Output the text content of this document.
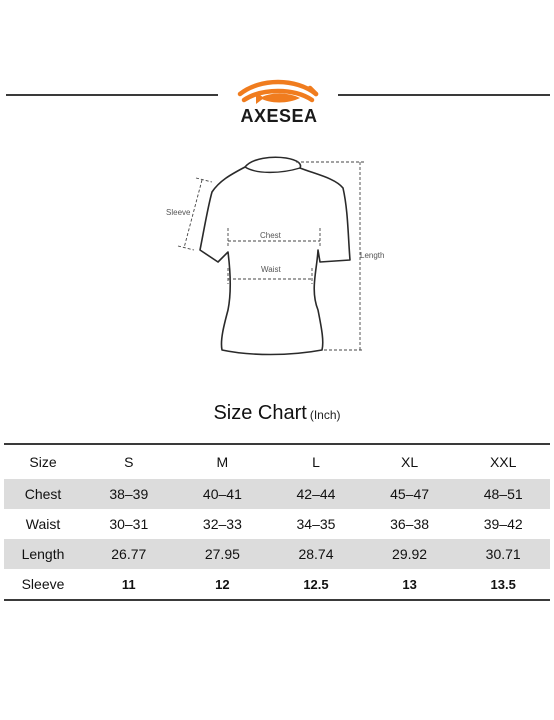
AXESEA
Sleeve
Chest
Waist
Length
Size Chart (Inch)
Size	S	M	L	XL	XXL
Chest	38–39	40–41	42–44	45–47	48–51
Waist	30–31	32–33	34–35	36–38	39–42
Length	26.77	27.95	28.74	29.92	30.71
Sleeve	11	12	12.5	13	13.5
